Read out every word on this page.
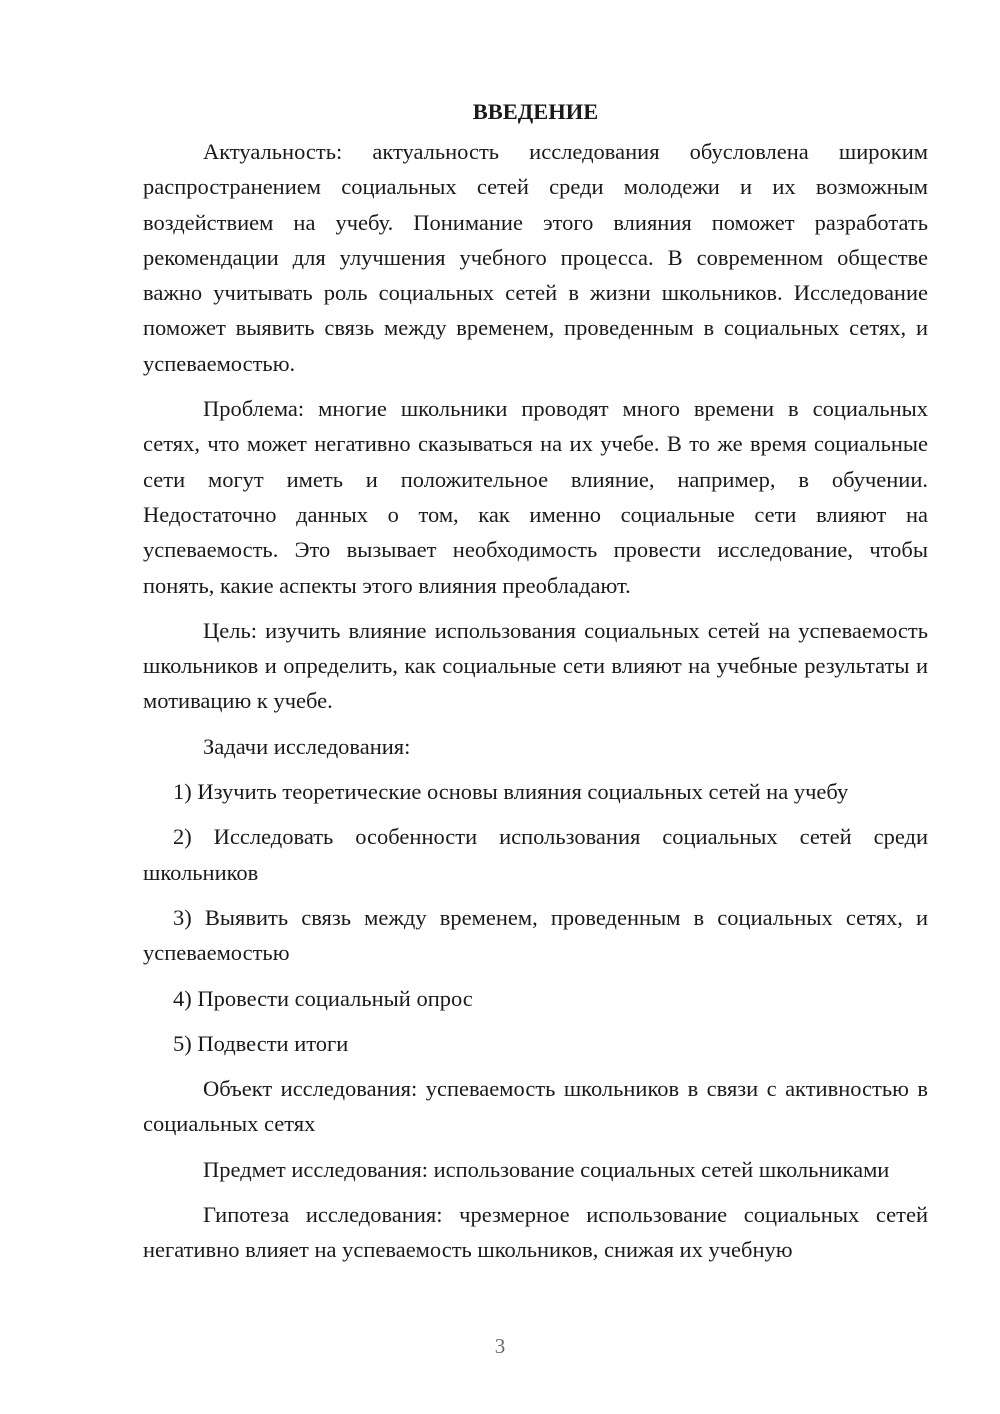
ВВЕДЕНИЕ

Актуальность: актуальность исследования обусловлена широким распространением социальных сетей среди молодежи и их возможным воздействием на учебу. Понимание этого влияния поможет разработать рекомендации для улучшения учебного процесса. В современном обществе важно учитывать роль социальных сетей в жизни школьников. Исследование поможет выявить связь между временем, проведенным в социальных сетях, и успеваемостью.

Проблема: многие школьники проводят много времени в социальных сетях, что может негативно сказываться на их учебе. В то же время социальные сети могут иметь и положительное влияние, например, в обучении. Недостаточно данных о том, как именно социальные сети влияют на успеваемость. Это вызывает необходимость провести исследование, чтобы понять, какие аспекты этого влияния преобладают.

Цель: изучить влияние использования социальных сетей на успеваемость школьников и определить, как социальные сети влияют на учебные результаты и мотивацию к учебе.

Задачи исследования:

1) Изучить теоретические основы влияния социальных сетей на учебу

2) Исследовать особенности использования социальных сетей среди школьников

3) Выявить связь между временем, проведенным в социальных сетях, и успеваемостью

4) Провести социальный опрос

5) Подвести итоги

Объект исследования: успеваемость школьников в связи с активностью в социальных сетях

Предмет исследования: использование социальных сетей школьниками

Гипотеза исследования: чрезмерное использование социальных сетей негативно влияет на успеваемость школьников, снижая их учебную

3
